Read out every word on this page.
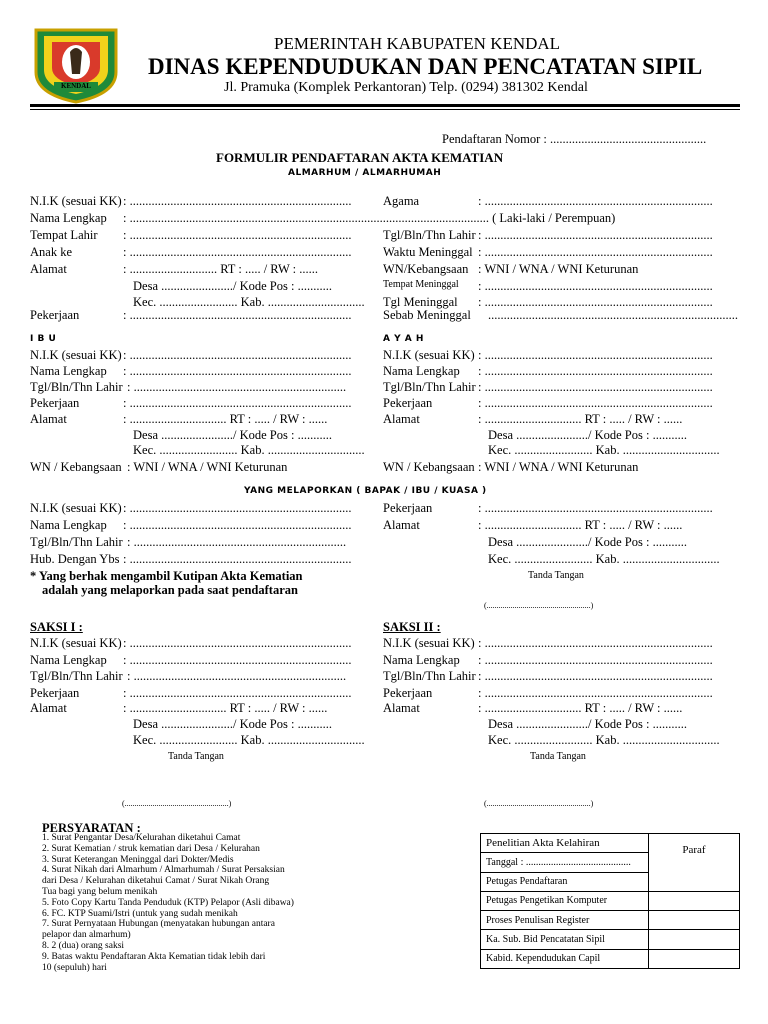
KENDAL
PEMERINTAH KABUPATEN KENDAL
DINAS KEPENDUDUKAN DAN PENCATATAN SIPIL
Jl. Pramuka (Komplek Perkantoran) Telp. (0294) 381302 Kendal
Pendaftaran Nomor : ..................................................
FORMULIR PENDAFTARAN AKTA KEMATIAN
ALMARHUM / ALMARHUMAH
N.I.K (sesuai KK) : .......................................................................
Nama Lengkap : ................................................................................................................... ( Laki-laki / Perempuan)
Tempat Lahir : .......................................................................
Anak ke	: .......................................................................
Alamat	: ............................ RT : ..... / RW : ......
Desa ......................./ Kode Pos : ...........
Kec. ......................... Kab. ...............................
Pekerjaan	: .......................................................................
Agama	: .........................................................................
Tgl/Bln/Thn Lahir : .........................................................................
Waktu Meninggal : .........................................................................
WN/Kebangsaan : WNI / WNA / WNI Keturunan
Tempat Meninggal : .........................................................................
Tgl Meninggal : .........................................................................
Sebab Meninggal ................................................................................
I B U	A Y A H
N.I.K (sesuai KK) : .......................................................................
Nama Lengkap : .......................................................................
Tgl/Bln/Thn Lahir : ....................................................................
Pekerjaan	: .......................................................................
Alamat	: ............................... RT : ..... / RW : ......
Desa ......................./ Kode Pos : ...........
Kec. ......................... Kab. ...............................
WN / Kebangsaan : WNI / WNA / WNI Keturunan
N.I.K (sesuai KK) : .........................................................................
Nama Lengkap : .........................................................................
Tgl/Bln/Thn Lahir : .........................................................................
Pekerjaan	: .........................................................................
Alamat	: ............................... RT : ..... / RW : ......
Desa ......................./ Kode Pos : ...........
Kec. ......................... Kab. ...............................
WN / Kebangsaan : WNI / WNA / WNI Keturunan
YANG MELAPORKAN ( BAPAK / IBU / KUASA )
N.I.K (sesuai KK) : .......................................................................
Nama Lengkap : .......................................................................
Tgl/Bln/Thn Lahir : ....................................................................
Hub. Dengan Ybs : .......................................................................
Pekerjaan	: .........................................................................
Alamat	: ............................... RT : ..... / RW : ......
Desa ......................./ Kode Pos : ...........
Kec. ......................... Kab. ...............................
* Yang berhak mengambil Kutipan Akta Kematian
adalah yang melaporkan pada saat pendaftaran
Tanda Tangan
(....................................................)
SAKSI I :	SAKSI II :
N.I.K (sesuai KK) : .......................................................................
Nama Lengkap : .......................................................................
Tgl/Bln/Thn Lahir : ....................................................................
Pekerjaan	: .......................................................................
Alamat	: ............................... RT : ..... / RW : ......
Desa ......................./ Kode Pos : ...........
Kec. ......................... Kab. ...............................
Tanda Tangan
(....................................................)
N.I.K (sesuai KK) : .........................................................................
Nama Lengkap : .........................................................................
Tgl/Bln/Thn Lahir : .........................................................................
Pekerjaan	: .........................................................................
Alamat	: ............................... RT : ..... / RW : ......
Desa ......................./ Kode Pos : ...........
Kec. ......................... Kab. ...............................
Tanda Tangan
(....................................................)
PERSYARATAN :
1. Surat Pengantar Desa/Kelurahan diketahui Camat
2. Surat Kematian / struk kematian dari Desa / Kelurahan
3. Surat Keterangan Meninggal dari Dokter/Medis
4. Surat Nikah dari Almarhum / Almarhumah / Surat Persaksian
dari Desa / Kelurahan diketahui Camat / Surat Nikah Orang
Tua bagi yang belum menikah
5. Foto Copy Kartu Tanda Penduduk (KTP) Pelapor (Asli dibawa)
6. FC. KTP Suami/Istri (untuk yang sudah menikah
7. Surat Pernyataan Hubungan (menyatakan hubungan antara
pelapor dan almarhum)
8. 2 (dua) orang saksi
9. Batas waktu Pendaftaran Akta Kematian tidak lebih dari
10 (sepuluh) hari
Penelitian Akta Kelahiran	Paraf
Tanggal : ..........................................	
Petugas Pendaftaran	
Petugas Pengetikan Komputer	
Proses Penulisan Register	
Ka. Sub. Bid Pencatatan Sipil	
Kabid. Kependudukan Capil	
